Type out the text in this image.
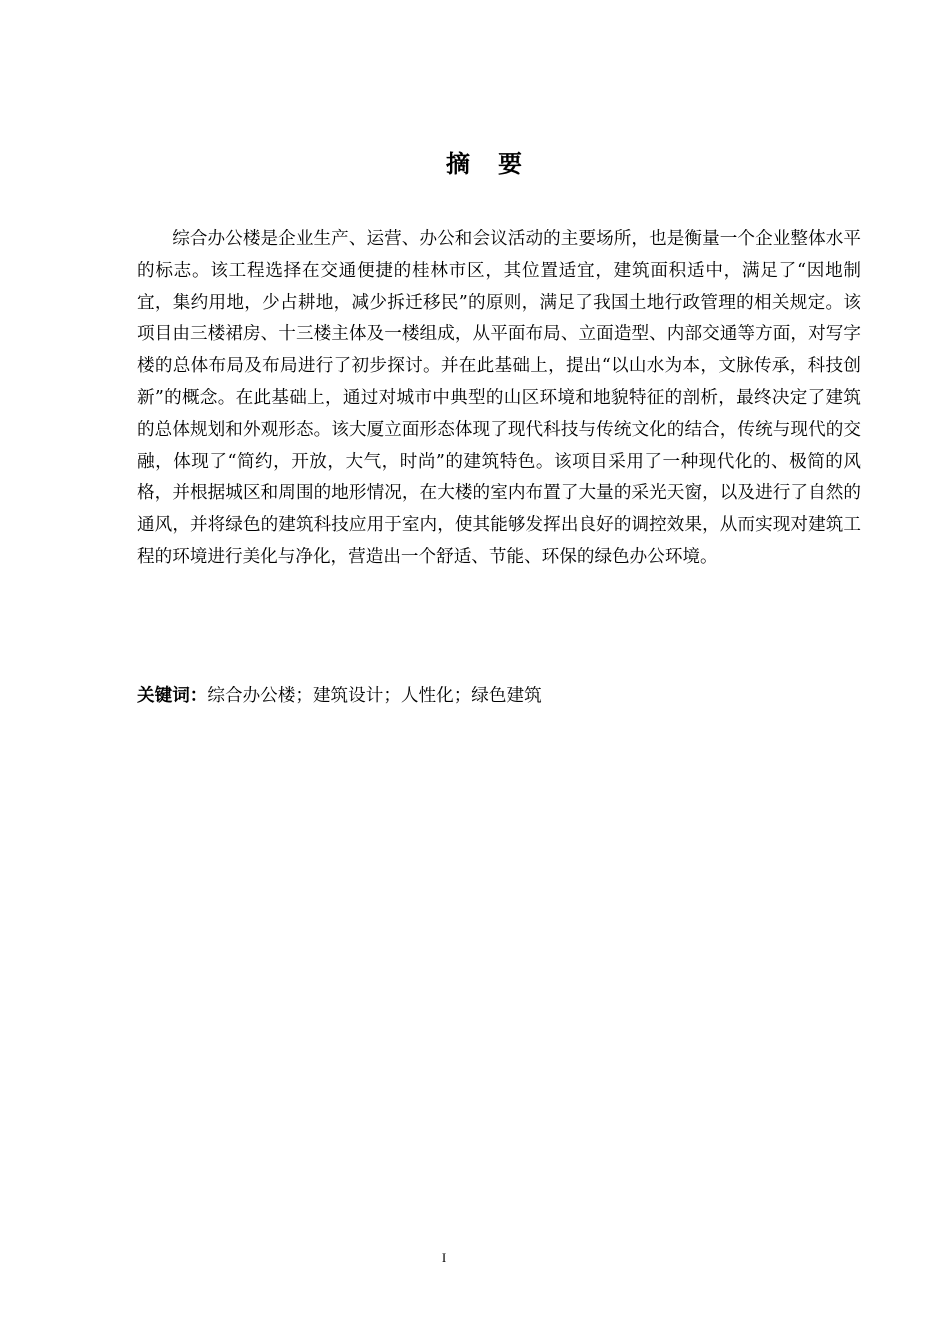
摘要

综合办公楼是企业生产、运营、办公和会议活动的主要场所，也是衡量一个企业整体水平的标志。该工程选择在交通便捷的桂林市区，其位置适宜，建筑面积适中，满足了“因地制宜，集约用地，少占耕地，减少拆迁移民”的原则，满足了我国土地行政管理的相关规定。该项目由三楼裙房、十三楼主体及一楼组成，从平面布局、立面造型、内部交通等方面，对写字楼的总体布局及布局进行了初步探讨。并在此基础上，提出“以山水为本，文脉传承，科技创新”的概念。在此基础上，通过对城市中典型的山区环境和地貌特征的剖析，最终决定了建筑的总体规划和外观形态。该大厦立面形态体现了现代科技与传统文化的结合，传统与现代的交融，体现了“简约，开放，大气，时尚”的建筑特色。该项目采用了一种现代化的、极简的风格，并根据城区和周围的地形情况，在大楼的室内布置了大量的采光天窗，以及进行了自然的通风，并将绿色的建筑科技应用于室内，使其能够发挥出良好的调控效果，从而实现对建筑工程的环境进行美化与净化，营造出一个舒适、节能、环保的绿色办公环境。

关键词：综合办公楼；建筑设计；人性化；绿色建筑

I
